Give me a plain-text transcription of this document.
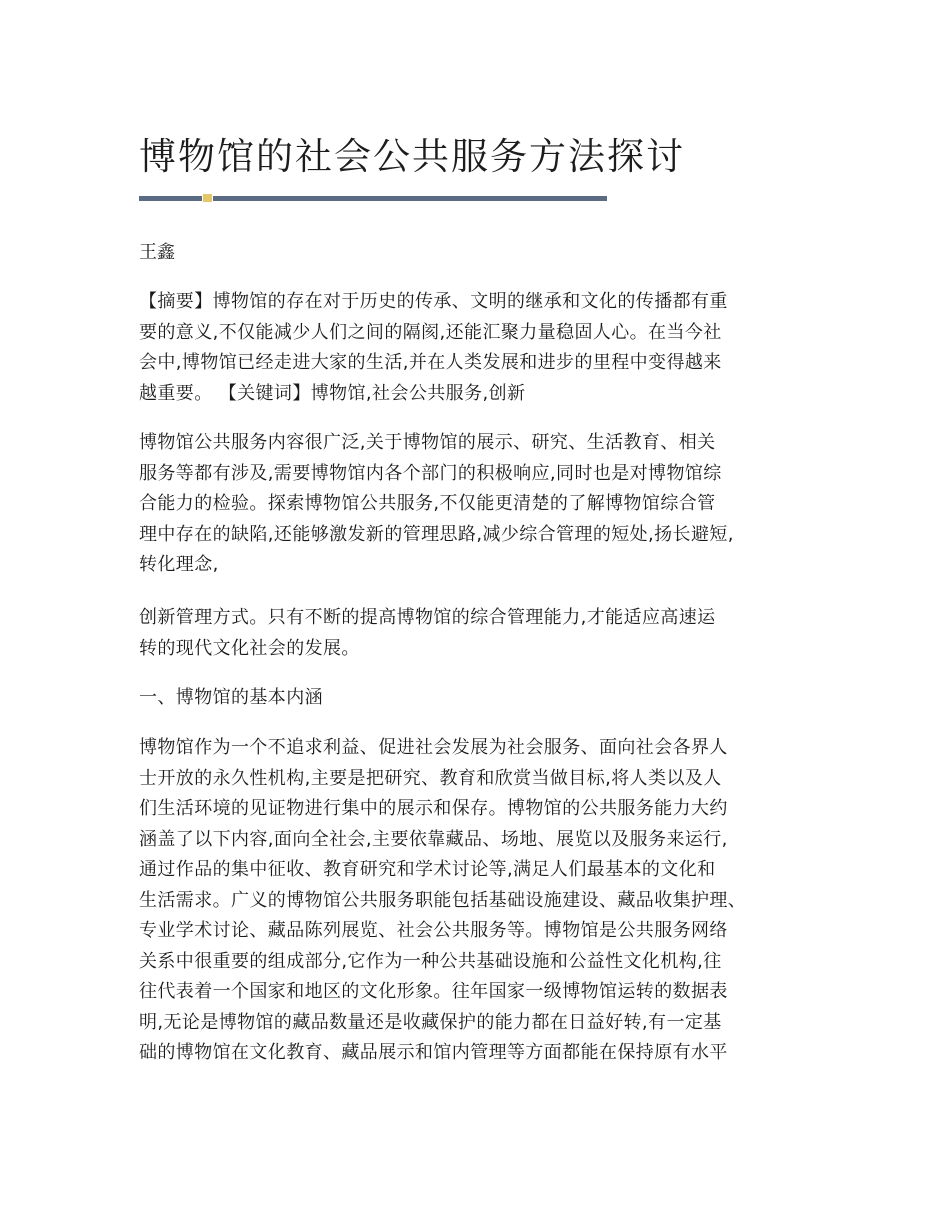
博物馆的社会公共服务方法探讨
王鑫
【摘要】博物馆的存在对于历史的传承、文明的继承和文化的传播都有重
要的意义,不仅能减少人们之间的隔阂,还能汇聚力量稳固人心。在当今社
会中,博物馆已经走进大家的生活,并在人类发展和进步的里程中变得越来
越重要。 【关键词】博物馆,社会公共服务,创新
博物馆公共服务内容很广泛,关于博物馆的展示、研究、生活教育、相关
服务等都有涉及,需要博物馆内各个部门的积极响应,同时也是对博物馆综
合能力的检验。探索博物馆公共服务,不仅能更清楚的了解博物馆综合管
理中存在的缺陷,还能够激发新的管理思路,减少综合管理的短处,扬长避短,
转化理念,
创新管理方式。只有不断的提高博物馆的综合管理能力,才能适应高速运
转的现代文化社会的发展。
一、博物馆的基本内涵
博物馆作为一个不追求利益、促进社会发展为社会服务、面向社会各界人
士开放的永久性机构,主要是把研究、教育和欣赏当做目标,将人类以及人
们生活环境的见证物进行集中的展示和保存。博物馆的公共服务能力大约
涵盖了以下内容,面向全社会,主要依靠藏品、场地、展览以及服务来运行,
通过作品的集中征收、教育研究和学术讨论等,满足人们最基本的文化和
生活需求。广义的博物馆公共服务职能包括基础设施建设、藏品收集护理、
专业学术讨论、藏品陈列展览、社会公共服务等。博物馆是公共服务网络
关系中很重要的组成部分,它作为一种公共基础设施和公益性文化机构,往
往代表着一个国家和地区的文化形象。往年国家一级博物馆运转的数据表
明,无论是博物馆的藏品数量还是收藏保护的能力都在日益好转,有一定基
础的博物馆在文化教育、藏品展示和馆内管理等方面都能在保持原有水平
